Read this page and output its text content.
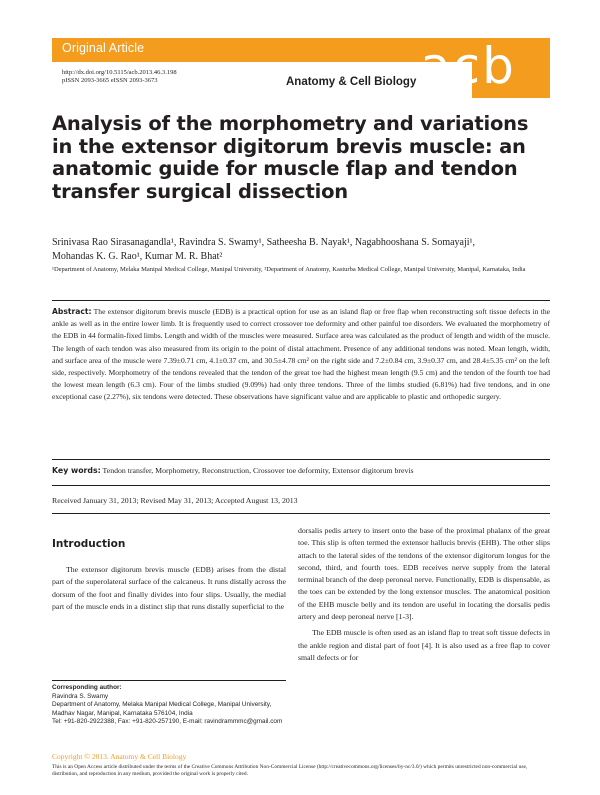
Original Article
http://dx.doi.org/10.5115/acb.2013.46.3.198
pISSN 2093-3665 eISSN 2093-3673	Anatomy & Cell Biology acb
Analysis of the morphometry and variations in the extensor digitorum brevis muscle: an anatomic guide for muscle flap and tendon transfer surgical dissection
Srinivasa Rao Sirasanagandla¹, Ravindra S. Swamy¹, Satheesha B. Nayak¹, Nagabhooshana S. Somayaji¹,
Mohandas K. G. Rao¹, Kumar M. R. Bhat²
¹Department of Anatomy, Melaka Manipal Medical College, Manipal University, ²Department of Anatomy, Kasturba Medical College, Manipal University, Manipal, Karnataka, India
Abstract: The extensor digitorum brevis muscle (EDB) is a practical option for use as an island flap or free flap when reconstructing soft tissue defects in the ankle as well as in the entire lower limb. It is frequently used to correct crossover toe deformity and other painful toe disorders. We evaluated the morphometry of the EDB in 44 formalin-fixed limbs. Length and width of the muscles were measured. Surface area was calculated as the product of length and width of the muscle. The length of each tendon was also measured from its origin to the point of distal attachment. Presence of any additional tendons was noted. Mean length, width, and surface area of the muscle were 7.39±0.71 cm, 4.1±0.37 cm, and 30.5±4.78 cm² on the right side and 7.2±0.84 cm, 3.9±0.37 cm, and 28.4±5.35 cm² on the left side, respectively. Morphometry of the tendons revealed that the tendon of the great toe had the highest mean length (9.5 cm) and the tendon of the fourth toe had the lowest mean length (6.3 cm). Four of the limbs studied (9.09%) had only three tendons. Three of the limbs studied (6.81%) had five tendons, and in one exceptional case (2.27%), six tendons were detected. These observations have significant value and are applicable to plastic and orthopedic surgery.
Key words: Tendon transfer, Morphometry, Reconstruction, Crossover toe deformity, Extensor digitorum brevis
Received January 31, 2013; Revised May 31, 2013; Accepted August 13, 2013
Introduction

The extensor digitorum brevis muscle (EDB) arises from the distal part of the superolateral surface of the calcaneus. It runs distally across the dorsum of the foot and finally divides into four slips. Usually, the medial part of the muscle ends in a distinct slip that runs distally superficial to the

dorsalis pedis artery to insert onto the base of the proximal phalanx of the great toe. This slip is often termed the extensor hallucis brevis (EHB). The other slips attach to the lateral sides of the tendons of the extensor digitorum longus for the second, third, and fourth toes. EDB receives nerve supply from the lateral terminal branch of the deep peroneal nerve. Functionally, EDB is dispensable, as the toes can be extended by the long extensor muscles. The anatomical position of the EHB muscle belly and its tendon are useful in locating the dorsalis pedis artery and deep peroneal nerve [1-3].

The EDB muscle is often used as an island flap to treat soft tissue defects in the ankle region and distal part of foot [4]. It is also used as a free flap to cover small defects or for

Corresponding author:
Ravindra S. Swamy
Department of Anatomy, Melaka Manipal Medical College, Manipal University, Madhav Nagar, Manipal, Karnataka 576104, India
Tel: +91-820-2922388, Fax: +91-820-257190, E-mail: ravindrammmc@gmail.com
Copyright © 2013. Anatomy & Cell Biology
This is an Open Access article distributed under the terms of the Creative Commons Attribution Non-Commercial License (http://creativecommons.org/licenses/by-nc/3.0/) which permits unrestricted non-commercial use, distribution, and reproduction in any medium, provided the original work is properly cited.
